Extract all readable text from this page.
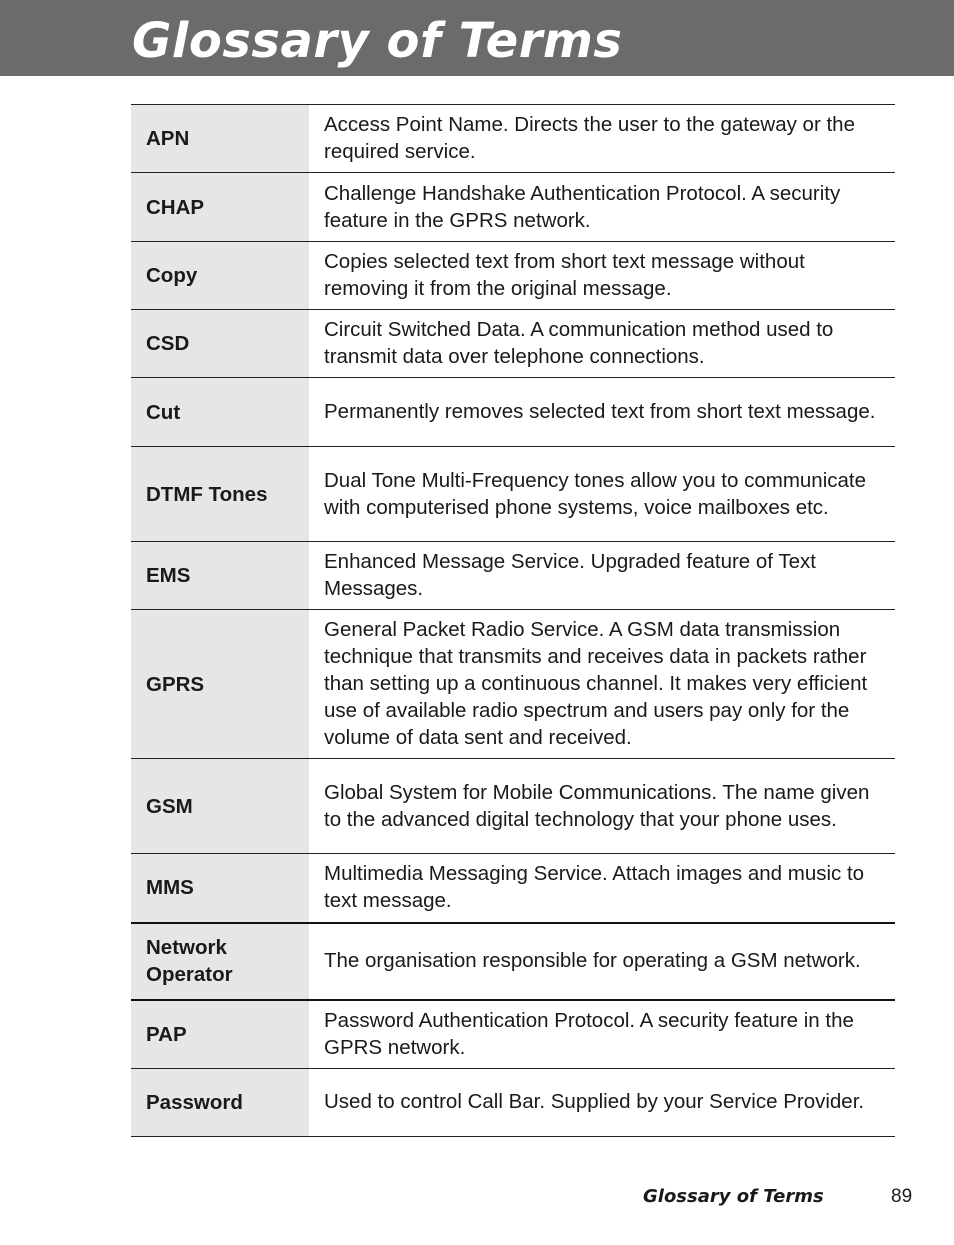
Glossary of Terms
APN	Access Point Name. Directs the user to the gateway or the required service.
CHAP	Challenge Handshake Authentication Protocol. A security feature in the GPRS network.
Copy	Copies selected text from short text message without removing it from the original message.
CSD	Circuit Switched Data. A communication method used to transmit data over telephone connections.
Cut	Permanently removes selected text from short text message.
DTMF Tones	Dual Tone Multi-Frequency tones allow you to communicate with computerised phone systems, voice mailboxes etc.
EMS	Enhanced Message Service. Upgraded feature of Text Messages.
GPRS	General Packet Radio Service. A GSM data transmission technique that transmits and receives data in packets rather than setting up a continuous channel. It makes very efficient use of available radio spectrum and users pay only for the volume of data sent and received.
GSM	Global System for Mobile Communications. The name given to the advanced digital technology that your phone uses.
MMS	Multimedia Messaging Service. Attach images and music to text message.
Network Operator	The organisation responsible for operating a GSM network.
PAP	Password Authentication Protocol. A security feature in the GPRS network.
Password	Used to control Call Bar. Supplied by your Service Provider.
Glossary of Terms	89
